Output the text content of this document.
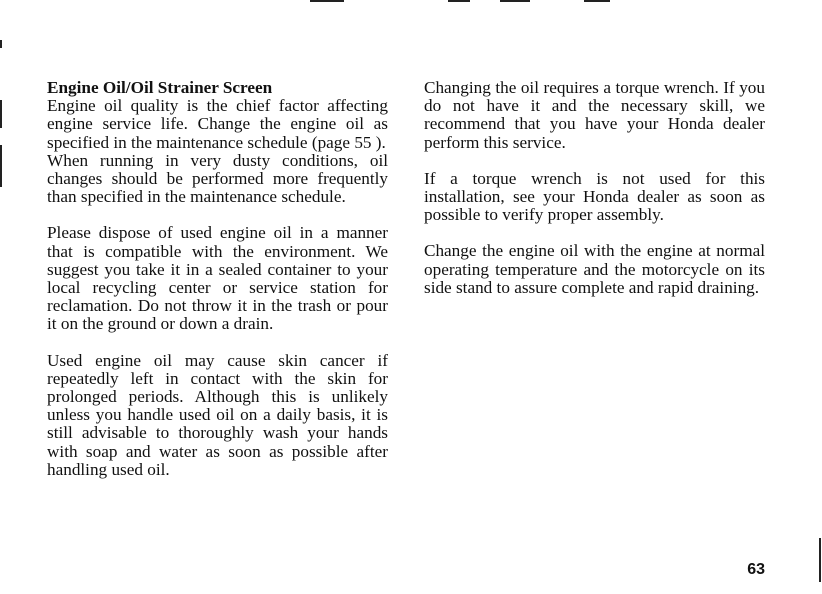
Engine Oil/Oil Strainer Screen

Engine oil quality is the chief factor affecting engine service life. Change the engine oil as specified in the maintenance schedule (page 55 ).

When running in very dusty conditions, oil changes should be performed more frequently than specified in the maintenance schedule.

Please dispose of used engine oil in a manner that is compatible with the environment. We suggest you take it in a sealed container to your local recycling center or service station for reclamation. Do not throw it in the trash or pour it on the ground or down a drain.

Used engine oil may cause skin cancer if repeatedly left in contact with the skin for prolonged periods. Although this is unlikely unless you handle used oil on a daily basis, it is still advisable to thoroughly wash your hands with soap and water as soon as possible after handling used oil.

Changing the oil requires a torque wrench. If you do not have it and the necessary skill, we recommend that you have your Honda dealer perform this service.

If a torque wrench is not used for this installation, see your Honda dealer as soon as possible to verify proper assembly.

Change the engine oil with the engine at normal operating temperature and the motorcycle on its side stand to assure complete and rapid draining.

63
